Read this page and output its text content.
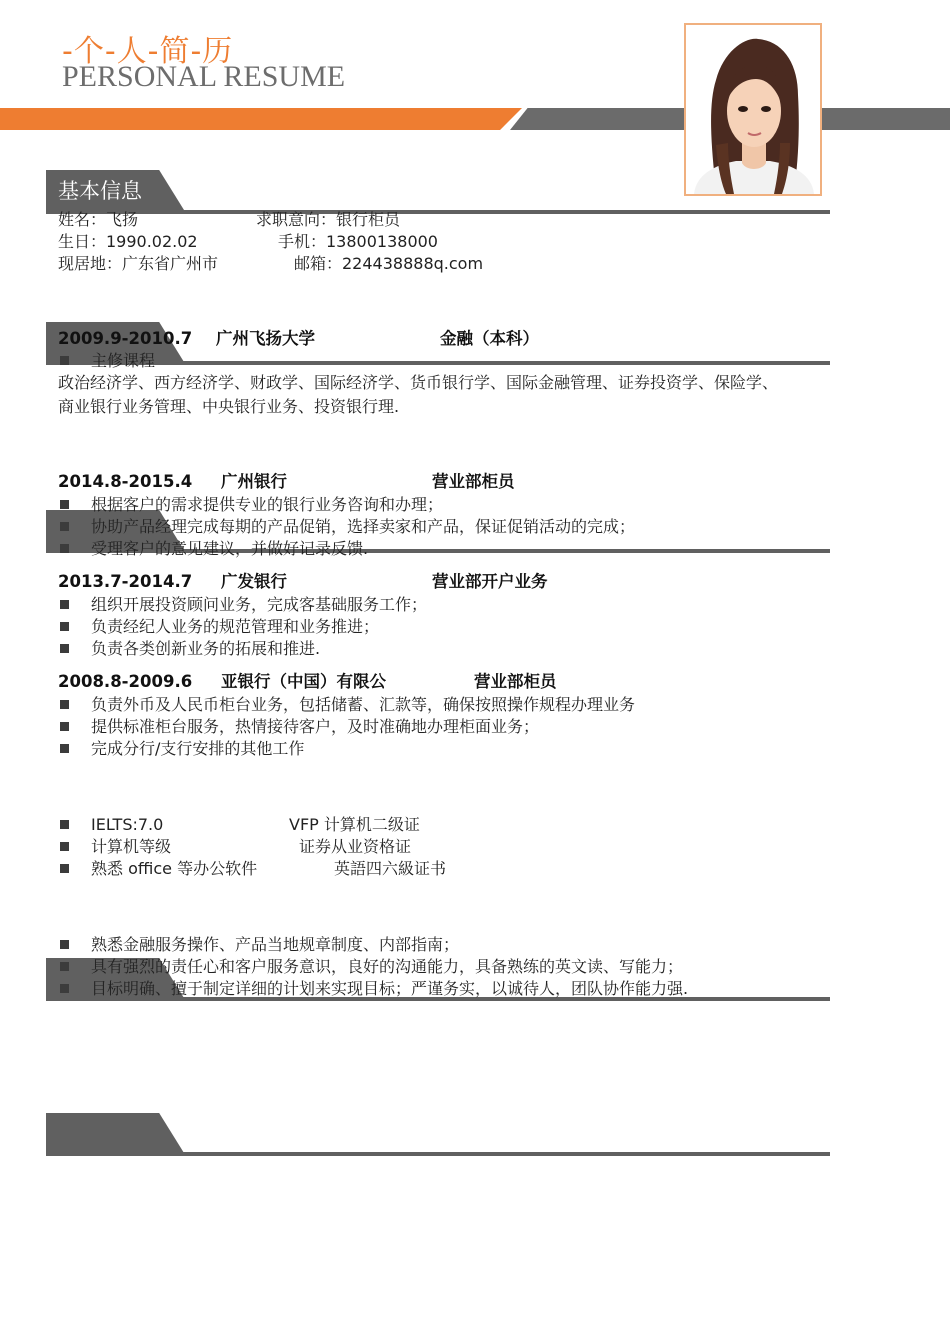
-个-人-简-历
PERSONAL RESUME
基本信息
姓名：飞扬	求职意向：银行柜员
生日：1990.02.02	手机：13800138000
现居地：广东省广州市	邮箱：224438888q.com
2009.9-2010.7 广州飞扬大学	金融（本科）
主修课程
政治经济学、西方经济学、财政学、国际经济学、货币银行学、国际金融管理、证券投资学、保险学、
商业银行业务管理、中央银行业务、投资银行理.
2014.8-2015.4 广州银行	营业部柜员
根据客户的需求提供专业的银行业务咨询和办理；
协助产品经理完成每期的产品促销，选择卖家和产品，保证促销活动的完成；
受理客户的意见建议，并做好记录反馈.
2013.7-2014.7 广发银行	营业部开户业务
组织开展投资顾问业务，完成客基础服务工作；
负责经纪人业务的规范管理和业务推进；
负责各类创新业务的拓展和推进.
2008.8-2009.6 亚银行（中国）有限公	营业部柜员
负责外币及人民币柜台业务，包括储蓄、汇款等，确保按照操作规程办理业务
提供标准柜台服务，热情接待客户，及时准确地办理柜面业务；
完成分行/支行安排的其他工作
IELTS:7.0	VFP 计算机二级证
计算机等级	证券从业资格证
熟悉 office 等办公软件	英語四六級证书
熟悉金融服务操作、产品当地规章制度、内部指南；
具有强烈的责任心和客户服务意识，良好的沟通能力，具备熟练的英文读、写能力；
目标明确、擅于制定详细的计划来实现目标；严谨务实，以诚待人，团队协作能力强.
